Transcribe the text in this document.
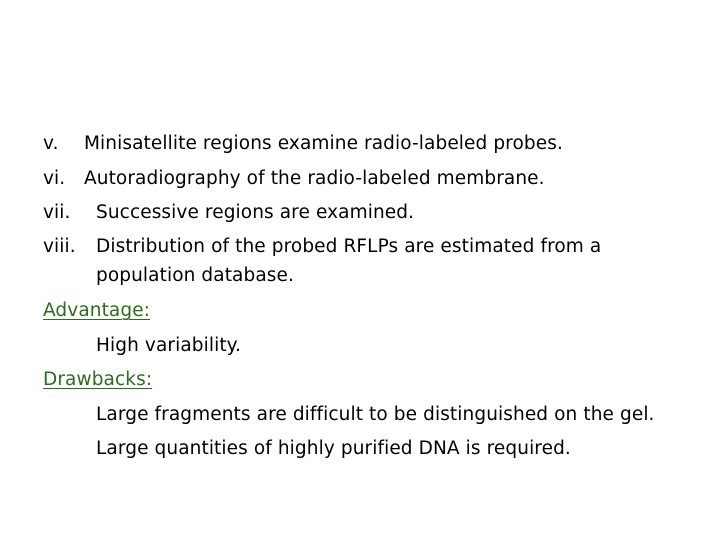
v. Minisatellite regions examine radio-labeled probes.
vi. Autoradiography of the radio-labeled membrane.
vii. Successive regions are examined.
viii. Distribution of the probed RFLPs are estimated from a
population database.
Advantage:
High variability.
Drawbacks:
Large fragments are difficult to be distinguished on the gel.
Large quantities of highly purified DNA is required.
